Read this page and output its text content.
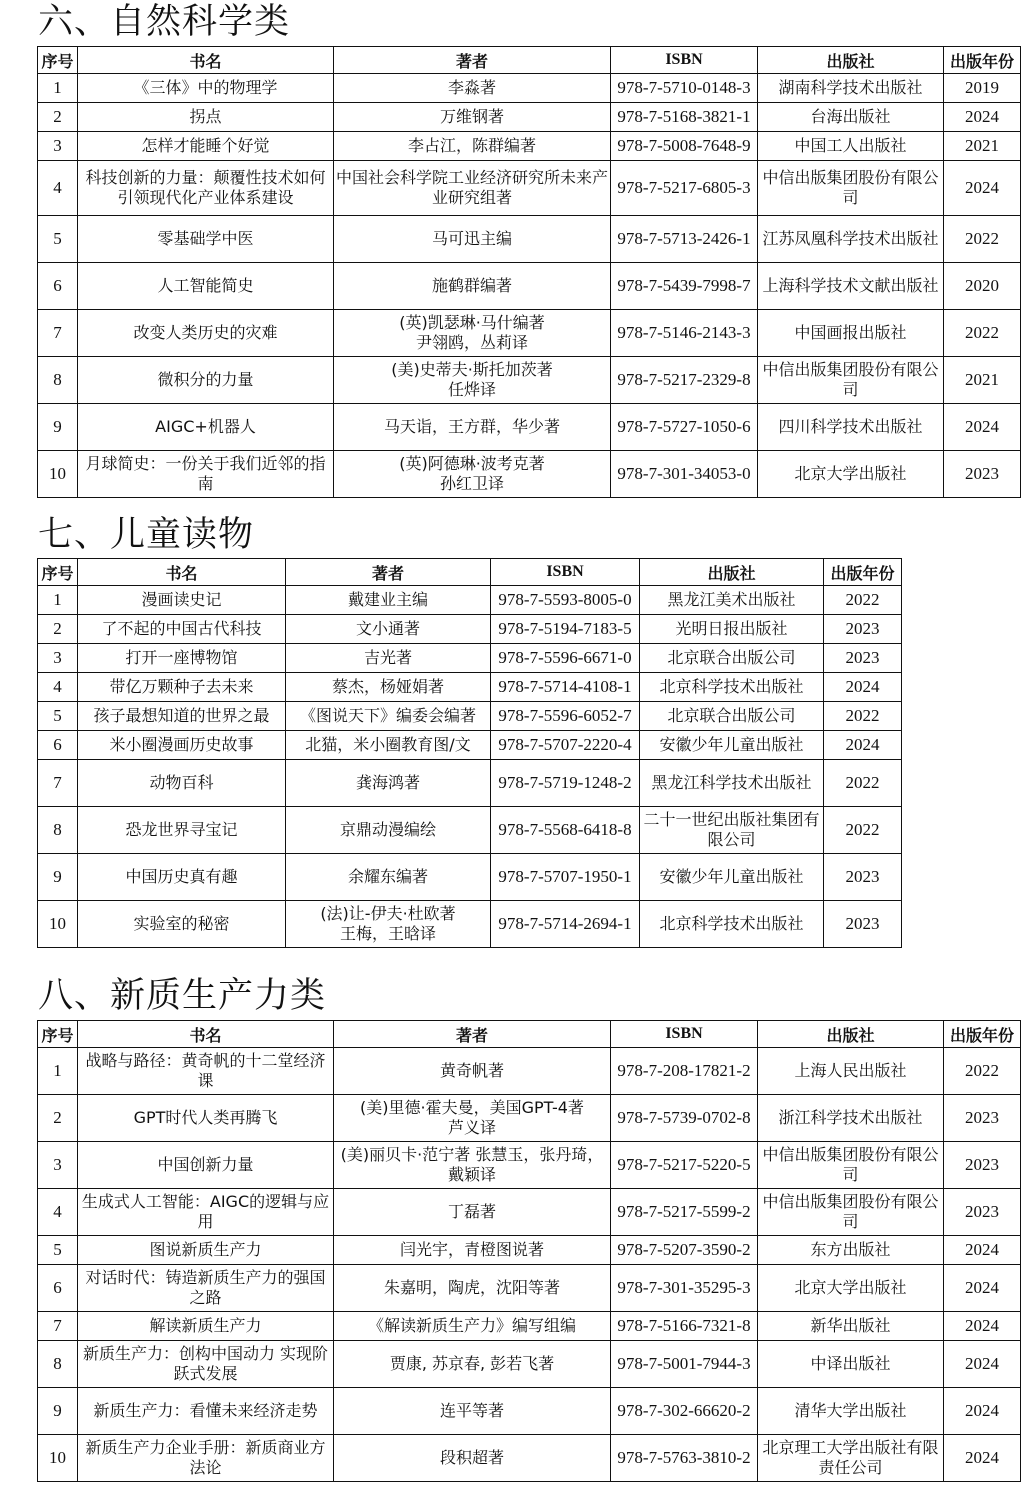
六、自然科学类
序号	书名	著者	ISBN	出版社	出版年份
1	《三体》中的物理学	李淼著	978-7-5710-0148-3	湖南科学技术出版社	2019
2	拐点	万维钢著	978-7-5168-3821-1	台海出版社	2024
3	怎样才能睡个好觉	李占江，陈群编著	978-7-5008-7648-9	中国工人出版社	2021
4	科技创新的力量：颠覆性技术如何引领现代化产业体系建设	中国社会科学院工业经济研究所未来产业研究组著	978-7-5217-6805-3	中信出版集团股份有限公司	2024
5	零基础学中医	马可迅主编	978-7-5713-2426-1	江苏凤凰科学技术出版社	2022
6	人工智能简史	施鹤群编著	978-7-5439-7998-7	上海科学技术文献出版社	2020
7	改变人类历史的灾难	(英)凯瑟琳·马什编著
尹翎鸥，丛莉译	978-7-5146-2143-3	中国画报出版社	2022
8	微积分的力量	(美)史蒂夫·斯托加茨著
任烨译	978-7-5217-2329-8	中信出版集团股份有限公司	2021
9	AIGC+机器人	马天诣，王方群，华少著	978-7-5727-1050-6	四川科学技术出版社	2024
10	月球简史：一份关于我们近邻的指南	(英)阿德琳·波考克著
孙红卫译	978-7-301-34053-0	北京大学出版社	2023
七、儿童读物
序号	书名	著者	ISBN	出版社	出版年份
1	漫画读史记	戴建业主编	978-7-5593-8005-0	黑龙江美术出版社	2022
2	了不起的中国古代科技	文小通著	978-7-5194-7183-5	光明日报出版社	2023
3	打开一座博物馆	吉光著	978-7-5596-6671-0	北京联合出版公司	2023
4	带亿万颗种子去未来	蔡杰，杨娅娟著	978-7-5714-4108-1	北京科学技术出版社	2024
5	孩子最想知道的世界之最	《图说天下》编委会编著	978-7-5596-6052-7	北京联合出版公司	2022
6	米小圈漫画历史故事	北猫，米小圈教育图/文	978-7-5707-2220-4	安徽少年儿童出版社	2024
7	动物百科	龚海鸿著	978-7-5719-1248-2	黑龙江科学技术出版社	2022
8	恐龙世界寻宝记	京鼎动漫编绘	978-7-5568-6418-8	二十一世纪出版社集团有限公司	2022
9	中国历史真有趣	余耀东编著	978-7-5707-1950-1	安徽少年儿童出版社	2023
10	实验室的秘密	(法)让-伊夫·杜欧著
王梅，王晗译	978-7-5714-2694-1	北京科学技术出版社	2023
八、新质生产力类
序号	书名	著者	ISBN	出版社	出版年份
1	战略与路径：黄奇帆的十二堂经济课	黄奇帆著	978-7-208-17821-2	上海人民出版社	2022
2	GPT时代人类再腾飞	(美)里德·霍夫曼，美国GPT-4著
芦义译	978-7-5739-0702-8	浙江科学技术出版社	2023
3	中国创新力量	(美)丽贝卡·范宁著 张慧玉，张丹琦，戴颖译	978-7-5217-5220-5	中信出版集团股份有限公司	2023
4	生成式人工智能：AIGC的逻辑与应用	丁磊著	978-7-5217-5599-2	中信出版集团股份有限公司	2023
5	图说新质生产力	闫光宇，青橙图说著	978-7-5207-3590-2	东方出版社	2024
6	对话时代：铸造新质生产力的强国之路	朱嘉明，陶虎，沈阳等著	978-7-301-35295-3	北京大学出版社	2024
7	解读新质生产力	《解读新质生产力》编写组编	978-7-5166-7321-8	新华出版社	2024
8	新质生产力：创构中国动力 实现阶跃式发展	贾康, 苏京春, 彭若飞著	978-7-5001-7944-3	中译出版社	2024
9	新质生产力：看懂未来经济走势	连平等著	978-7-302-66620-2	清华大学出版社	2024
10	新质生产力企业手册：新质商业方法论	段积超著	978-7-5763-3810-2	北京理工大学出版社有限责任公司	2024
